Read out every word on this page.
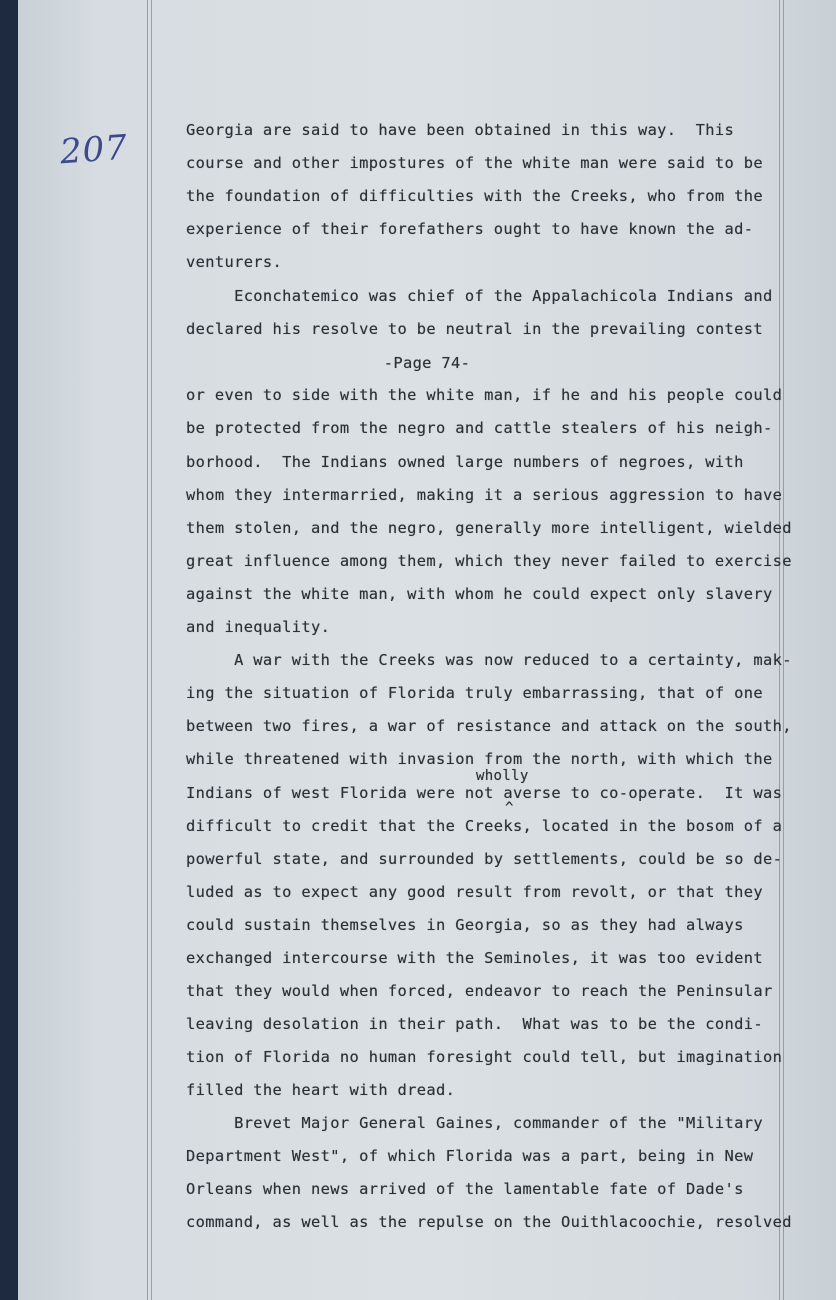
207	Georgia are said to have been obtained in this way.  This
course and other impostures of the whitе man were said to be
the foundation of difficulties with the Creeks, who from the
experience of their forefathers ought to have known the ad-
venturers.
Econchatemico was chief of the Appalachicola Indians and
declared his resolve to be neutral in the prevailing contest
-Page 74-
or even to side with the white man, if he and his people could
be protected from the negro and cattle stealers of his neigh-
borhood.  The Indians owned large numbers of negroes, with
whom they intermarried, making it a serious aggression to have
them stolen, and the negro, generally more intelligent, wielded
great influence among them, which they never failed to exercise
against the white man, with whom he could expect only slavery
and inequality.
A war with the Creeks was now reduced to a certainty, mak-
ing the situation of Florida truly embarrassing, that of one
between two fires, a war of resistance and attack on the south,
while threatened with invasion from the north, with which the
wholly
Indians of west Florida were not averse to co-operate.  It was
^
difficult to credit that the Creeks, located in the bosom of a
powerful state, and surrounded by settlements, could be so de-
luded as to expect any good result from revolt, or that they
could sustain themselves in Georgia, so as they had always
exchanged intercourse with the Seminoles, it was too evident
that they would when forced, endeavor to reach the Peninsular
leaving desolation in their path.  What was to be the condi-
tion of Florida no human foresight could tell, but imagination
filled the heart with dread.
Brevet Major General Gaines, commander of the "Military
Department West", of which Florida was a part, being in New
Orleans when news arrived of the lamentable fate of Dade's
command, as well as the repulse on the Ouithlacoochie, resolved
